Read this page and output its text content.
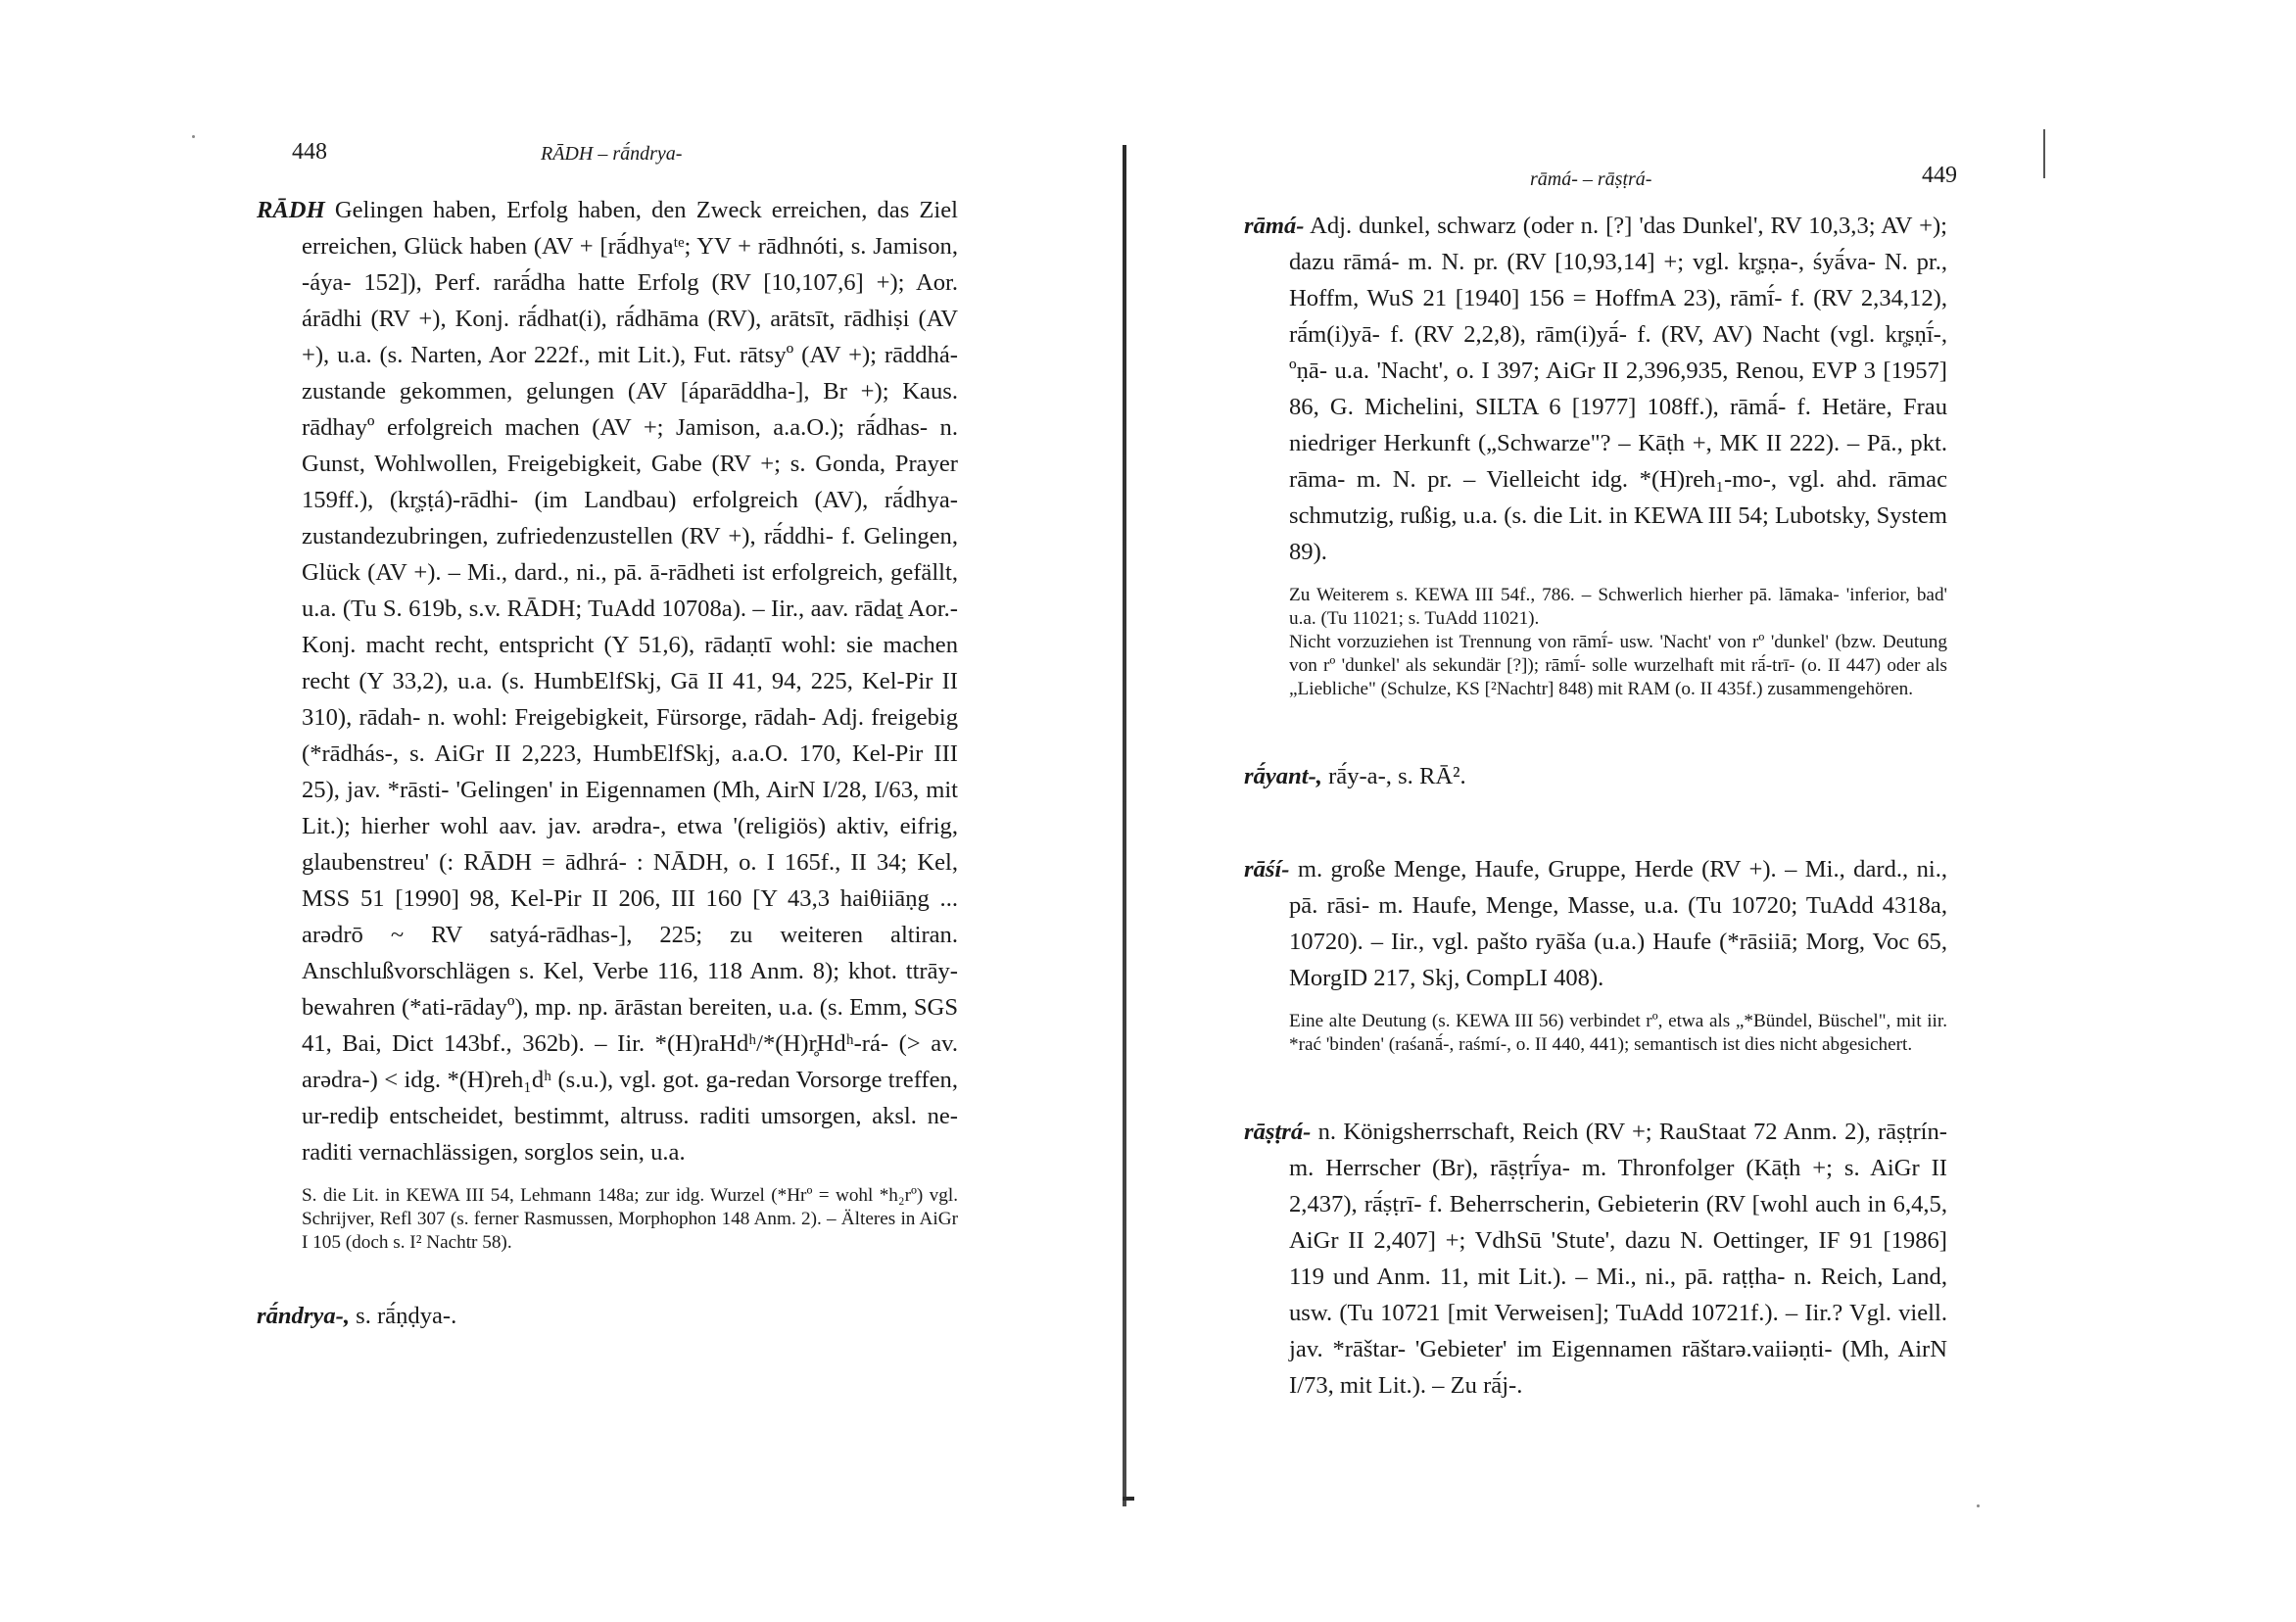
448	RĀDH – rā́ndrya-

RĀDH Gelingen haben, Erfolg haben, den Zweck erreichen, das Ziel erreichen, Glück haben (AV + [rā́dhyaᵗᵉ; YV + rādhnóti, s. Jamison, -áya- 152]), Perf. rarā́dha hatte Erfolg (RV [10,107,6] +); Aor. árādhi (RV +), Konj. rā́dhat(i), rā́dhāma (RV), arātsīt, rādhiṣi (AV +), u.a. (s. Narten, Aor 222f., mit Lit.), Fut. rātsyº (AV +); rāddhá- zustande gekommen, gelungen (AV [áparāddha-], Br +); Kaus. rādhayº erfolgreich machen (AV +; Jamison, a.a.O.); rā́dhas- n. Gunst, Wohlwollen, Freigebigkeit, Gabe (RV +; s. Gonda, Prayer 159ff.), (kr̥ṣṭá)-rādhi- (im Landbau) erfolgreich (AV), rā́dhya- zustandezubringen, zufriedenzustellen (RV +), rā́ddhi- f. Gelingen, Glück (AV +). – Mi., dard., ni., pā. ā-rādheti ist erfolgreich, gefällt, u.a. (Tu S. 619b, s.v. RĀDH; TuAdd 10708a). – Iir., aav. rādaṯ Aor.-Konj. macht recht, entspricht (Y 51,6), rādaṇtī wohl: sie machen recht (Y 33,2), u.a. (s. HumbElfSkj, Gā II 41, 94, 225, Kel-Pir II 310), rādah- n. wohl: Freigebigkeit, Fürsorge, rādah- Adj. freigebig (*rādhás-, s. AiGr II 2,223, HumbElfSkj, a.a.O. 170, Kel-Pir III 25), jav. *rāsti- 'Gelingen' in Eigennamen (Mh, AirN I/28, I/63, mit Lit.); hierher wohl aav. jav. arədra-, etwa '(religiös) aktiv, eifrig, glaubenstreu' (: RĀDH = ādhrá- : NĀDH, o. I 165f., II 34; Kel, MSS 51 [1990] 98, Kel-Pir II 206, III 160 [Y 43,3 haiθiiāṇg ... arədrō ~ RV satyá-rādhas-], 225; zu weiteren altiran. Anschlußvorschlägen s. Kel, Verbe 116, 118 Anm. 8); khot. ttrāy- bewahren (*ati-rādayº), mp. np. ārāstan bereiten, u.a. (s. Emm, SGS 41, Bai, Dict 143bf., 362b). – Iir. *(H)raHdʰ/*(H)r̥Hdʰ-rá- (> av. arədra-) < idg. *(H)reh₁dʰ (s.u.), vgl. got. ga-redan Vorsorge treffen, ur-rediþ entscheidet, bestimmt, altruss. raditi umsorgen, aksl. ne-raditi vernachlässigen, sorglos sein, u.a.

S. die Lit. in KEWA III 54, Lehmann 148a; zur idg. Wurzel (*Hrº = wohl *h₂rº) vgl. Schrijver, Refl 307 (s. ferner Rasmussen, Morphophon 148 Anm. 2). – Älteres in AiGr I 105 (doch s. I² Nachtr 58).

rā́ndrya-, s. rā́ṇḍya-.

rāmá- – rāṣṭrá-	449

rāmá- Adj. dunkel, schwarz (oder n. [?] 'das Dunkel', RV 10,3,3; AV +); dazu rāmá- m. N. pr. (RV [10,93,14] +; vgl. kr̥ṣṇa-, śyā́va- N. pr., Hoffm, WuS 21 [1940] 156 = HoffmA 23), rāmī́- f. (RV 2,34,12), rā́m(i)yā- f. (RV 2,2,8), rām(i)yā́- f. (RV, AV) Nacht (vgl. kr̥ṣṇī́-, ºṇā- u.a. 'Nacht', o. I 397; AiGr II 2,396,935, Renou, EVP 3 [1957] 86, G. Michelini, SILTA 6 [1977] 108ff.), rāmā́- f. Hetäre, Frau niedriger Herkunft („Schwarze"? – Kāṭh +, MK II 222). – Pā., pkt. rāma- m. N. pr. – Vielleicht idg. *(H)reh₁-mo-, vgl. ahd. rāmac schmutzig, rußig, u.a. (s. die Lit. in KEWA III 54; Lubotsky, System 89).

Zu Weiterem s. KEWA III 54f., 786. – Schwerlich hierher pā. lāmaka- 'inferior, bad' u.a. (Tu 11021; s. TuAdd 11021).

Nicht vorzuziehen ist Trennung von rāmī́- usw. 'Nacht' von rº 'dunkel' (bzw. Deutung von rº 'dunkel' als sekundär [?]); rāmī́- solle wurzelhaft mit rā́-trī- (o. II 447) oder als „Liebliche" (Schulze, KS [²Nachtr] 848) mit RAM (o. II 435f.) zusammengehören.

rā́yant-, rā́y-a-, s. RĀ².

rāśí- m. große Menge, Haufe, Gruppe, Herde (RV +). – Mi., dard., ni., pā. rāsi- m. Haufe, Menge, Masse, u.a. (Tu 10720; TuAdd 4318a, 10720). – Iir., vgl. pašto ryāša (u.a.) Haufe (*rāsiiā; Morg, Voc 65, MorgID 217, Skj, CompLI 408).

Eine alte Deutung (s. KEWA III 56) verbindet rº, etwa als „*Bündel, Büschel", mit iir. *rać 'binden' (raśanā́-, raśmí-, o. II 440, 441); semantisch ist dies nicht abgesichert.

rāṣṭrá- n. Königsherrschaft, Reich (RV +; RauStaat 72 Anm. 2), rāṣṭrín- m. Herrscher (Br), rāṣṭrī́ya- m. Thronfolger (Kāṭh +; s. AiGr II 2,437), rā́ṣṭrī- f. Beherrscherin, Gebieterin (RV [wohl auch in 6,4,5, AiGr II 2,407] +; VdhSū 'Stute', dazu N. Oettinger, IF 91 [1986] 119 und Anm. 11, mit Lit.). – Mi., ni., pā. raṭṭha- n. Reich, Land, usw. (Tu 10721 [mit Verweisen]; TuAdd 10721f.). – Iir.? Vgl. viell. jav. *rāštar- 'Gebieter' im Eigennamen rāštarə.vaiiəṇti- (Mh, AirN I/73, mit Lit.). – Zu rā́j-.
